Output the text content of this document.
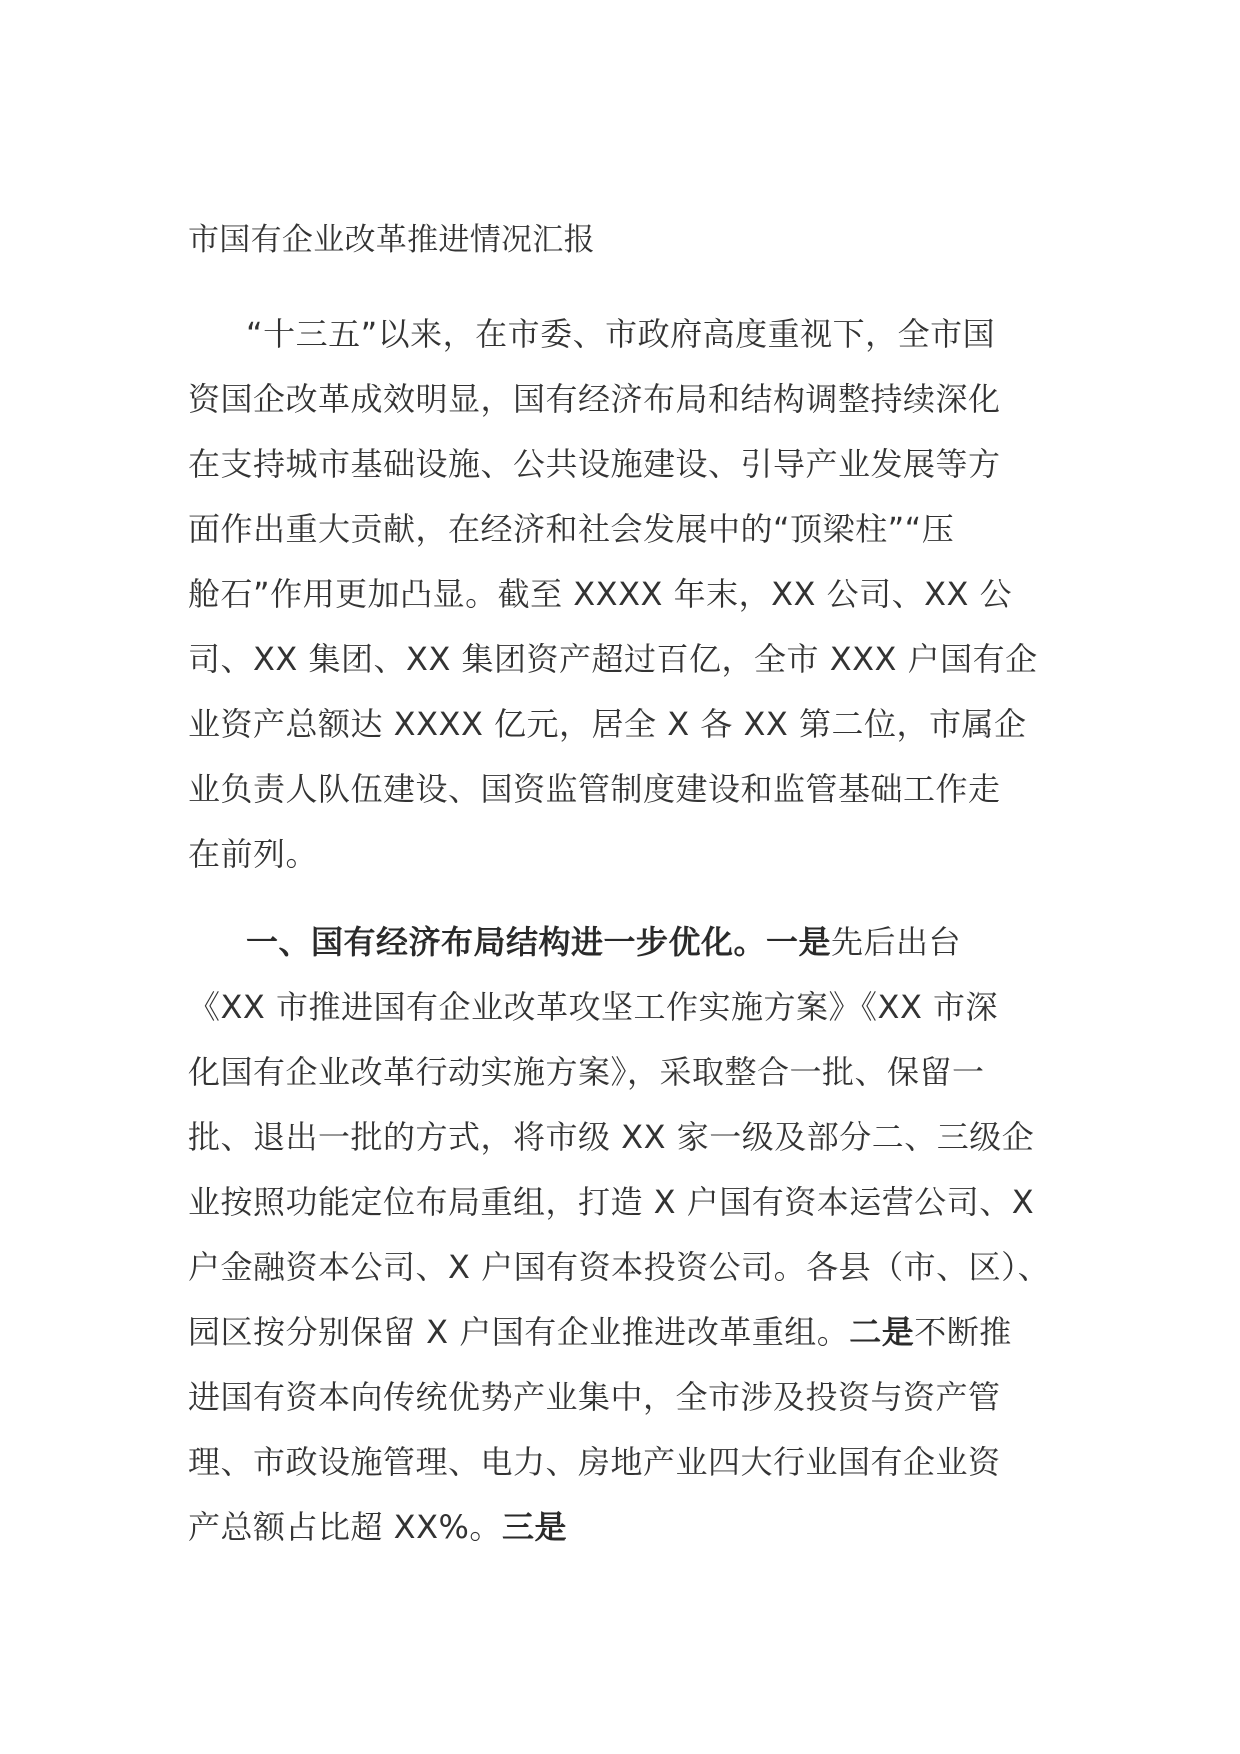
市国有企业改革推进情况汇报
“十三五”以来，在市委、市政府高度重视下，全市国
资国企改革成效明显，国有经济布局和结构调整持续深化
在支持城市基础设施、公共设施建设、引导产业发展等方
面作出重大贡献，在经济和社会发展中的“顶梁柱”“压
舱石”作用更加凸显。截至 XXXX 年末，XX 公司、XX 公
司、XX 集团、XX 集团资产超过百亿，全市 XXX 户国有企
业资产总额达 XXXX 亿元，居全 X 各 XX 第二位，市属企
业负责人队伍建设、国资监管制度建设和监管基础工作走
在前列。
一、国有经济布局结构进一步优化。一是先后出台
《XX 市推进国有企业改革攻坚工作实施方案》《XX 市深
化国有企业改革行动实施方案》，采取整合一批、保留一
批、退出一批的方式，将市级 XX 家一级及部分二、三级企
业按照功能定位布局重组，打造 X 户国有资本运营公司、X
户金融资本公司、X 户国有资本投资公司。各县（市、区）、
园区按分别保留 X 户国有企业推进改革重组。二是不断推
进国有资本向传统优势产业集中，全市涉及投资与资产管
理、市政设施管理、电力、房地产业四大行业国有企业资
产总额占比超 XX%。三是
